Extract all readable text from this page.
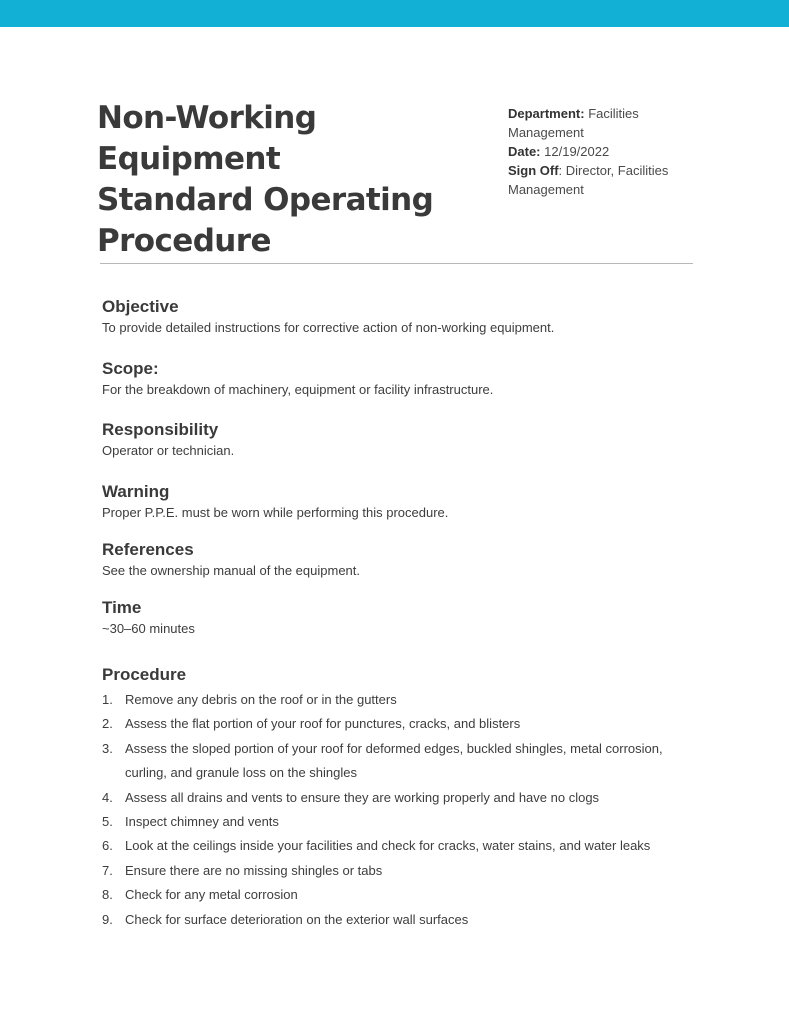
Non-Working Equipment
Standard Operating
Procedure
Department: Facilities Management
Date: 12/19/2022
Sign Off: Director, Facilities Management
Objective

To provide detailed instructions for corrective action of non-working equipment.

Scope:

For the breakdown of machinery, equipment or facility infrastructure.

Responsibility

Operator or technician.

Warning

Proper P.P.E. must be worn while performing this procedure.

References

See the ownership manual of the equipment.

Time

~30–60 minutes

Procedure
1. Remove any debris on the roof or in the gutters
2. Assess the flat portion of your roof for punctures, cracks, and blisters
3. Assess the sloped portion of your roof for deformed edges, buckled shingles, metal corrosion, curling, and granule loss on the shingles
4. Assess all drains and vents to ensure they are working properly and have no clogs
5. Inspect chimney and vents
6. Look at the ceilings inside your facilities and check for cracks, water stains, and water leaks
7. Ensure there are no missing shingles or tabs
8. Check for any metal corrosion
9. Check for surface deterioration on the exterior wall surfaces
